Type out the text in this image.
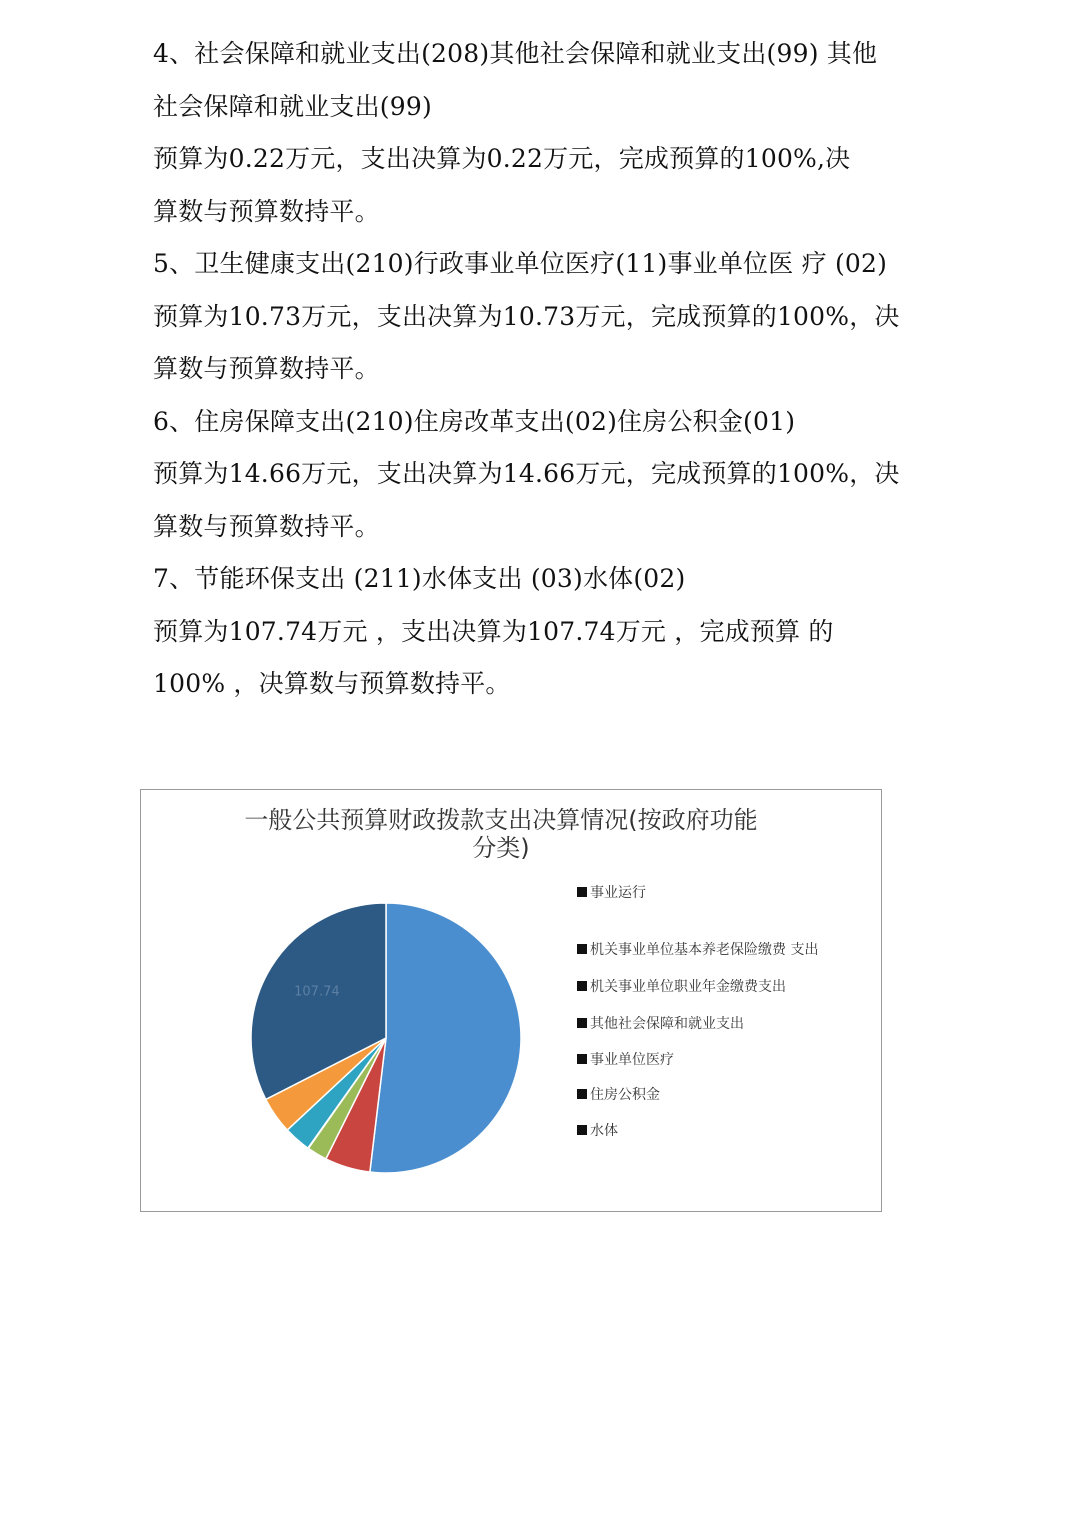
4、社会保障和就业支出(208)其他社会保障和就业支出(99) 其他
社会保障和就业支出(99)
预算为0.22万元，支出决算为0.22万元，完成预算的100%,决
算数与预算数持平。
5、卫生健康支出(210)行政事业单位医疗(11)事业单位医 疗 (02)
预算为10.73万元，支出决算为10.73万元，完成预算的100%，决
算数与预算数持平。
6、住房保障支出(210)住房改革支出(02)住房公积金(01)
预算为14.66万元，支出决算为14.66万元，完成预算的100%，决
算数与预算数持平。
7、节能环保支出 (211)水体支出 (03)水体(02)
预算为107.74万元 ，支出决算为107.74万元 ，完成预算 的
100% ，决算数与预算数持平。
一般公共预算财政拨款支出决算情况(按政府功能
分类)
107.74
事业运行
机关事业单位基本养老保险缴费 支出
机关事业单位职业年金缴费支出
其他社会保障和就业支出
事业单位医疗
住房公积金
水体
